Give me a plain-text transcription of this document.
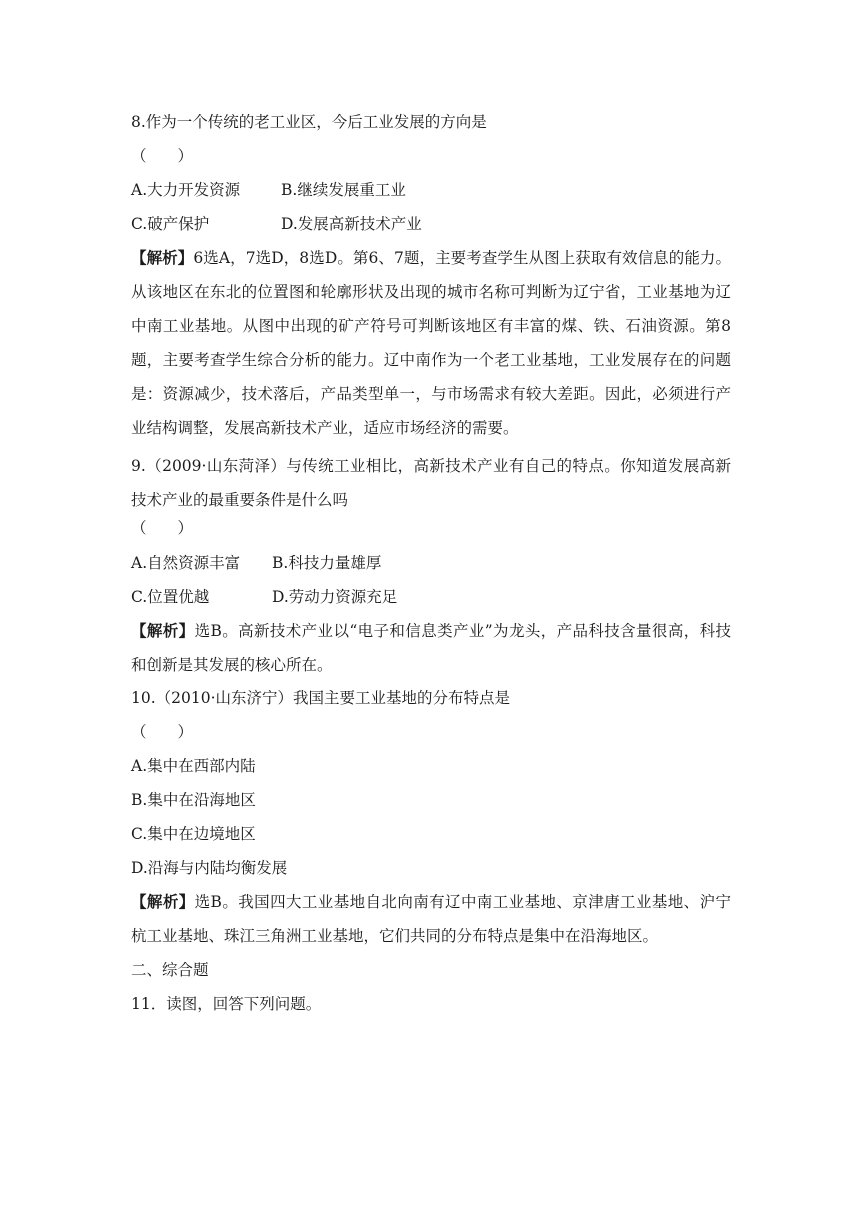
8.作为一个传统的老工业区，今后工业发展的方向是
（　　）
A.大力开发资源	B.继续发展重工业
C.破产保护	D.发展高新技术产业
【解析】6选A，7选D，8选D。第6、7题，主要考查学生从图上获取有效信息的能力。从该地区在东北的位置图和轮廓形状及出现的城市名称可判断为辽宁省，工业基地为辽中南工业基地。从图中出现的矿产符号可判断该地区有丰富的煤、铁、石油资源。第8题，主要考查学生综合分析的能力。辽中南作为一个老工业基地，工业发展存在的问题是：资源减少，技术落后，产品类型单一，与市场需求有较大差距。因此，必须进行产业结构调整，发展高新技术产业，适应市场经济的需要。
9.（2009·山东菏泽）与传统工业相比，高新技术产业有自己的特点。你知道发展高新技术产业的最重要条件是什么吗
（　　）
A.自然资源丰富 B.科技力量雄厚
C.位置优越	D.劳动力资源充足
【解析】选B。高新技术产业以“电子和信息类产业”为龙头，产品科技含量很高，科技和创新是其发展的核心所在。
10.（2010·山东济宁）我国主要工业基地的分布特点是
（　　）
A.集中在西部内陆
B.集中在沿海地区
C.集中在边境地区
D.沿海与内陆均衡发展
【解析】选B。我国四大工业基地自北向南有辽中南工业基地、京津唐工业基地、沪宁杭工业基地、珠江三角洲工业基地，它们共同的分布特点是集中在沿海地区。
二、综合题
11．读图，回答下列问题。
